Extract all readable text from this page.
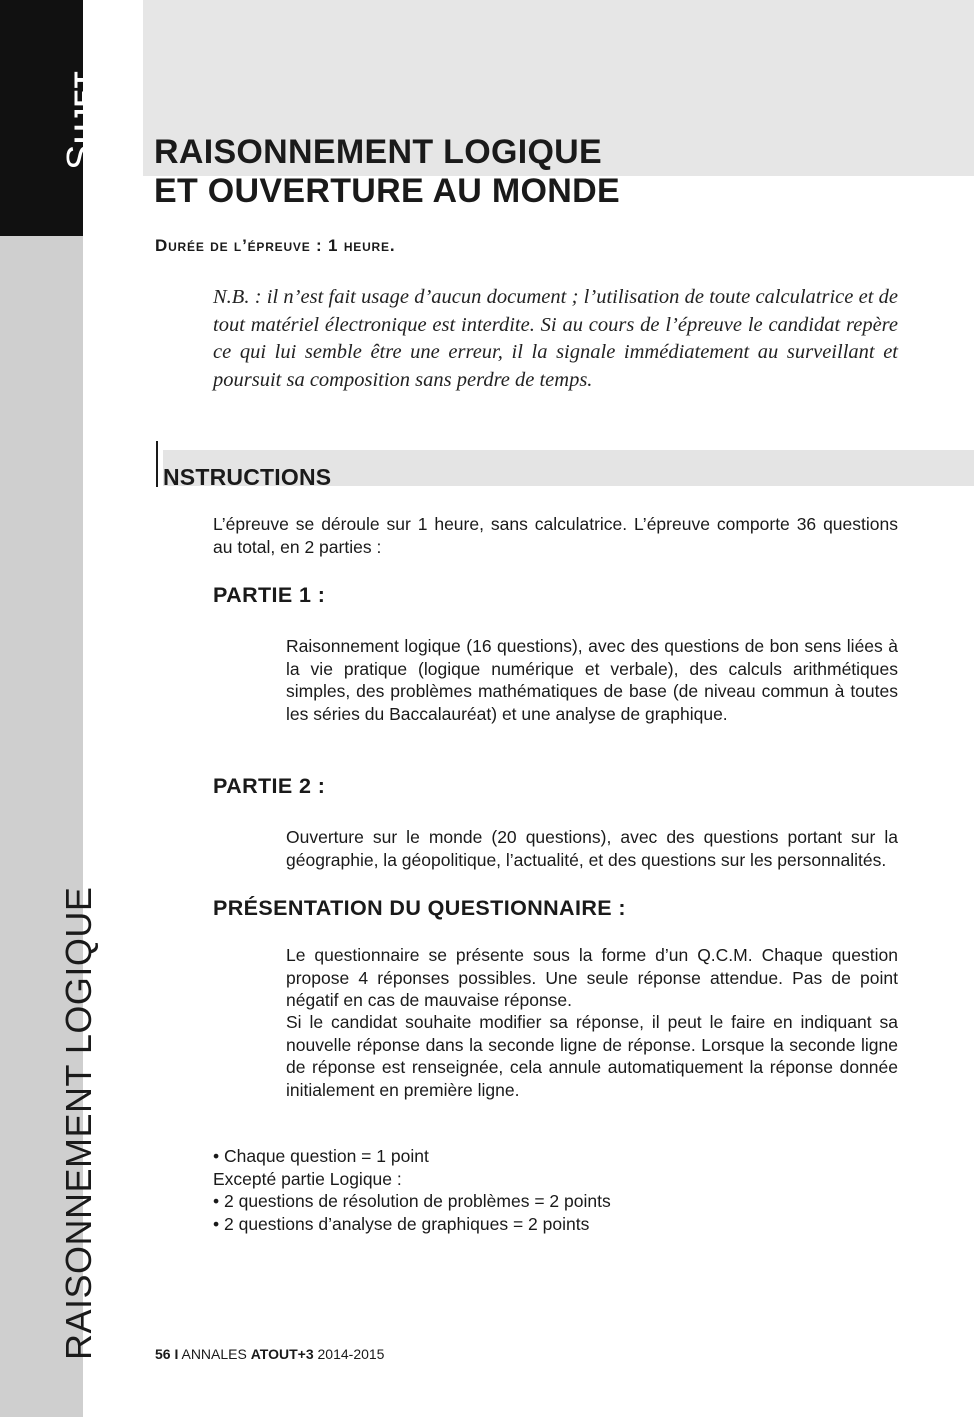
SUJET
RAISONNEMENT LOGIQUE
RAISONNEMENT LOGIQUE
ET OUVERTURE AU MONDE
Durée de l’épreuve : 1 heure.

N.B. : il n’est fait usage d’aucun document ; l’utilisation de toute calculatrice et de tout matériel électronique est interdite. Si au cours de l’épreuve le candidat repère ce qui lui semble être une erreur, il la signale immédiatement au surveillant et poursuit sa composition sans perdre de temps.

NSTRUCTIONS

L’épreuve se déroule sur 1 heure, sans calculatrice. L’épreuve comporte 36 questions au total, en 2 parties :

PARTIE 1 :

Raisonnement logique (16 questions), avec des questions de bon sens liées à la vie pratique (logique numérique et verbale), des calculs arithmétiques simples, des problèmes mathématiques de base (de niveau commun à toutes les séries du Baccalauréat) et une analyse de graphique.

PARTIE 2 :

Ouverture sur le monde (20 questions), avec des questions portant sur la géographie, la géopolitique, l’actualité, et des questions sur les personnalités.

PRÉSENTATION DU QUESTIONNAIRE :

Le questionnaire se présente sous la forme d’un Q.C.M. Chaque question propose 4 réponses possibles. Une seule réponse attendue. Pas de point négatif en cas de mauvaise réponse.

Si le candidat souhaite modifier sa réponse, il peut le faire en indiquant sa nouvelle réponse dans la seconde ligne de réponse. Lorsque la seconde ligne de réponse est renseignée, cela annule automatiquement la réponse donnée initialement en première ligne.

• Chaque question = 1 point
Excepté partie Logique :
• 2 questions de résolution de problèmes = 2 points
• 2 questions d’analyse de graphiques = 2 points
56 I ANNALES ATOUT+3 2014-2015
